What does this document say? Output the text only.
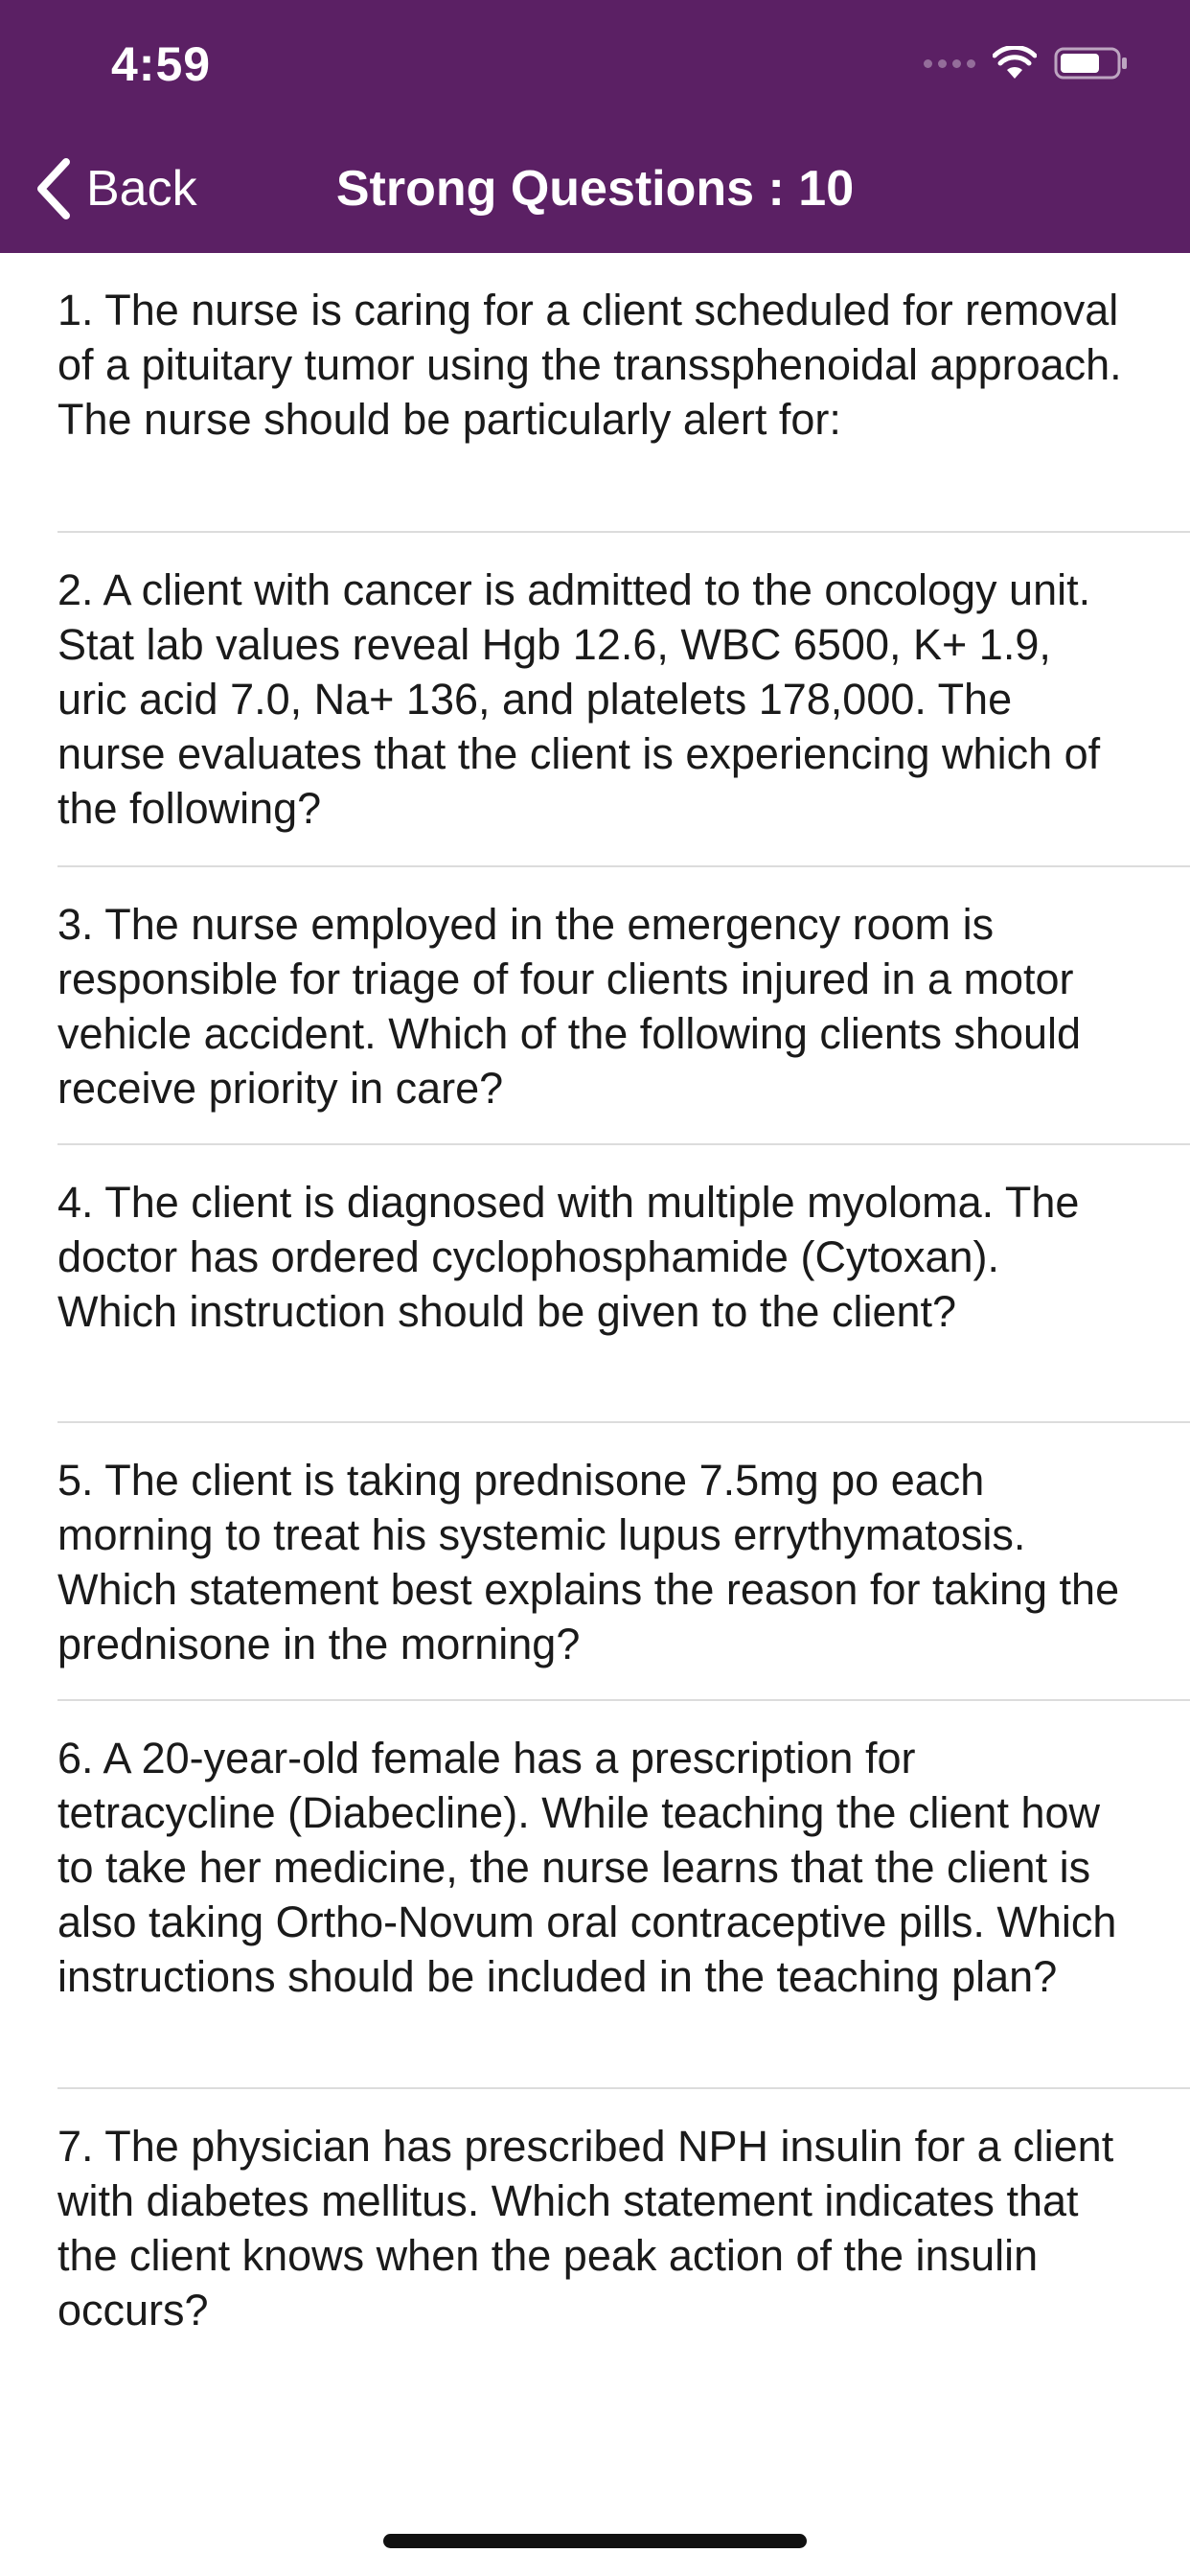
4:59
Back	Strong Questions : 10
1. The nurse is caring for a client scheduled for removal of a pituitary tumor using the transsphenoidal approach. The nurse should be particularly alert for:
2. A client with cancer is admitted to the oncology unit. Stat lab values reveal Hgb 12.6, WBC 6500, K+ 1.9, uric acid 7.0, Na+ 136, and platelets 178,000. The nurse evaluates that the client is experiencing which of the following?
3. The nurse employed in the emergency room is responsible for triage of four clients injured in a motor vehicle accident. Which of the following clients should receive priority in care?
4. The client is diagnosed with multiple myoloma. The doctor has ordered cyclophosphamide (Cytoxan). Which instruction should be given to the client?
5. The client is taking prednisone 7.5mg po each morning to treat his systemic lupus errythymatosis. Which statement best explains the reason for taking the prednisone in the morning?
6. A 20-year-old female has a prescription for tetracycline (Diabecline). While teaching the client how to take her medicine, the nurse learns that the client is also taking Ortho-Novum oral contraceptive pills. Which instructions should be included in the teaching plan?
7. The physician has prescribed NPH insulin for a client with diabetes mellitus. Which statement indicates that the client knows when the peak action of the insulin occurs?
